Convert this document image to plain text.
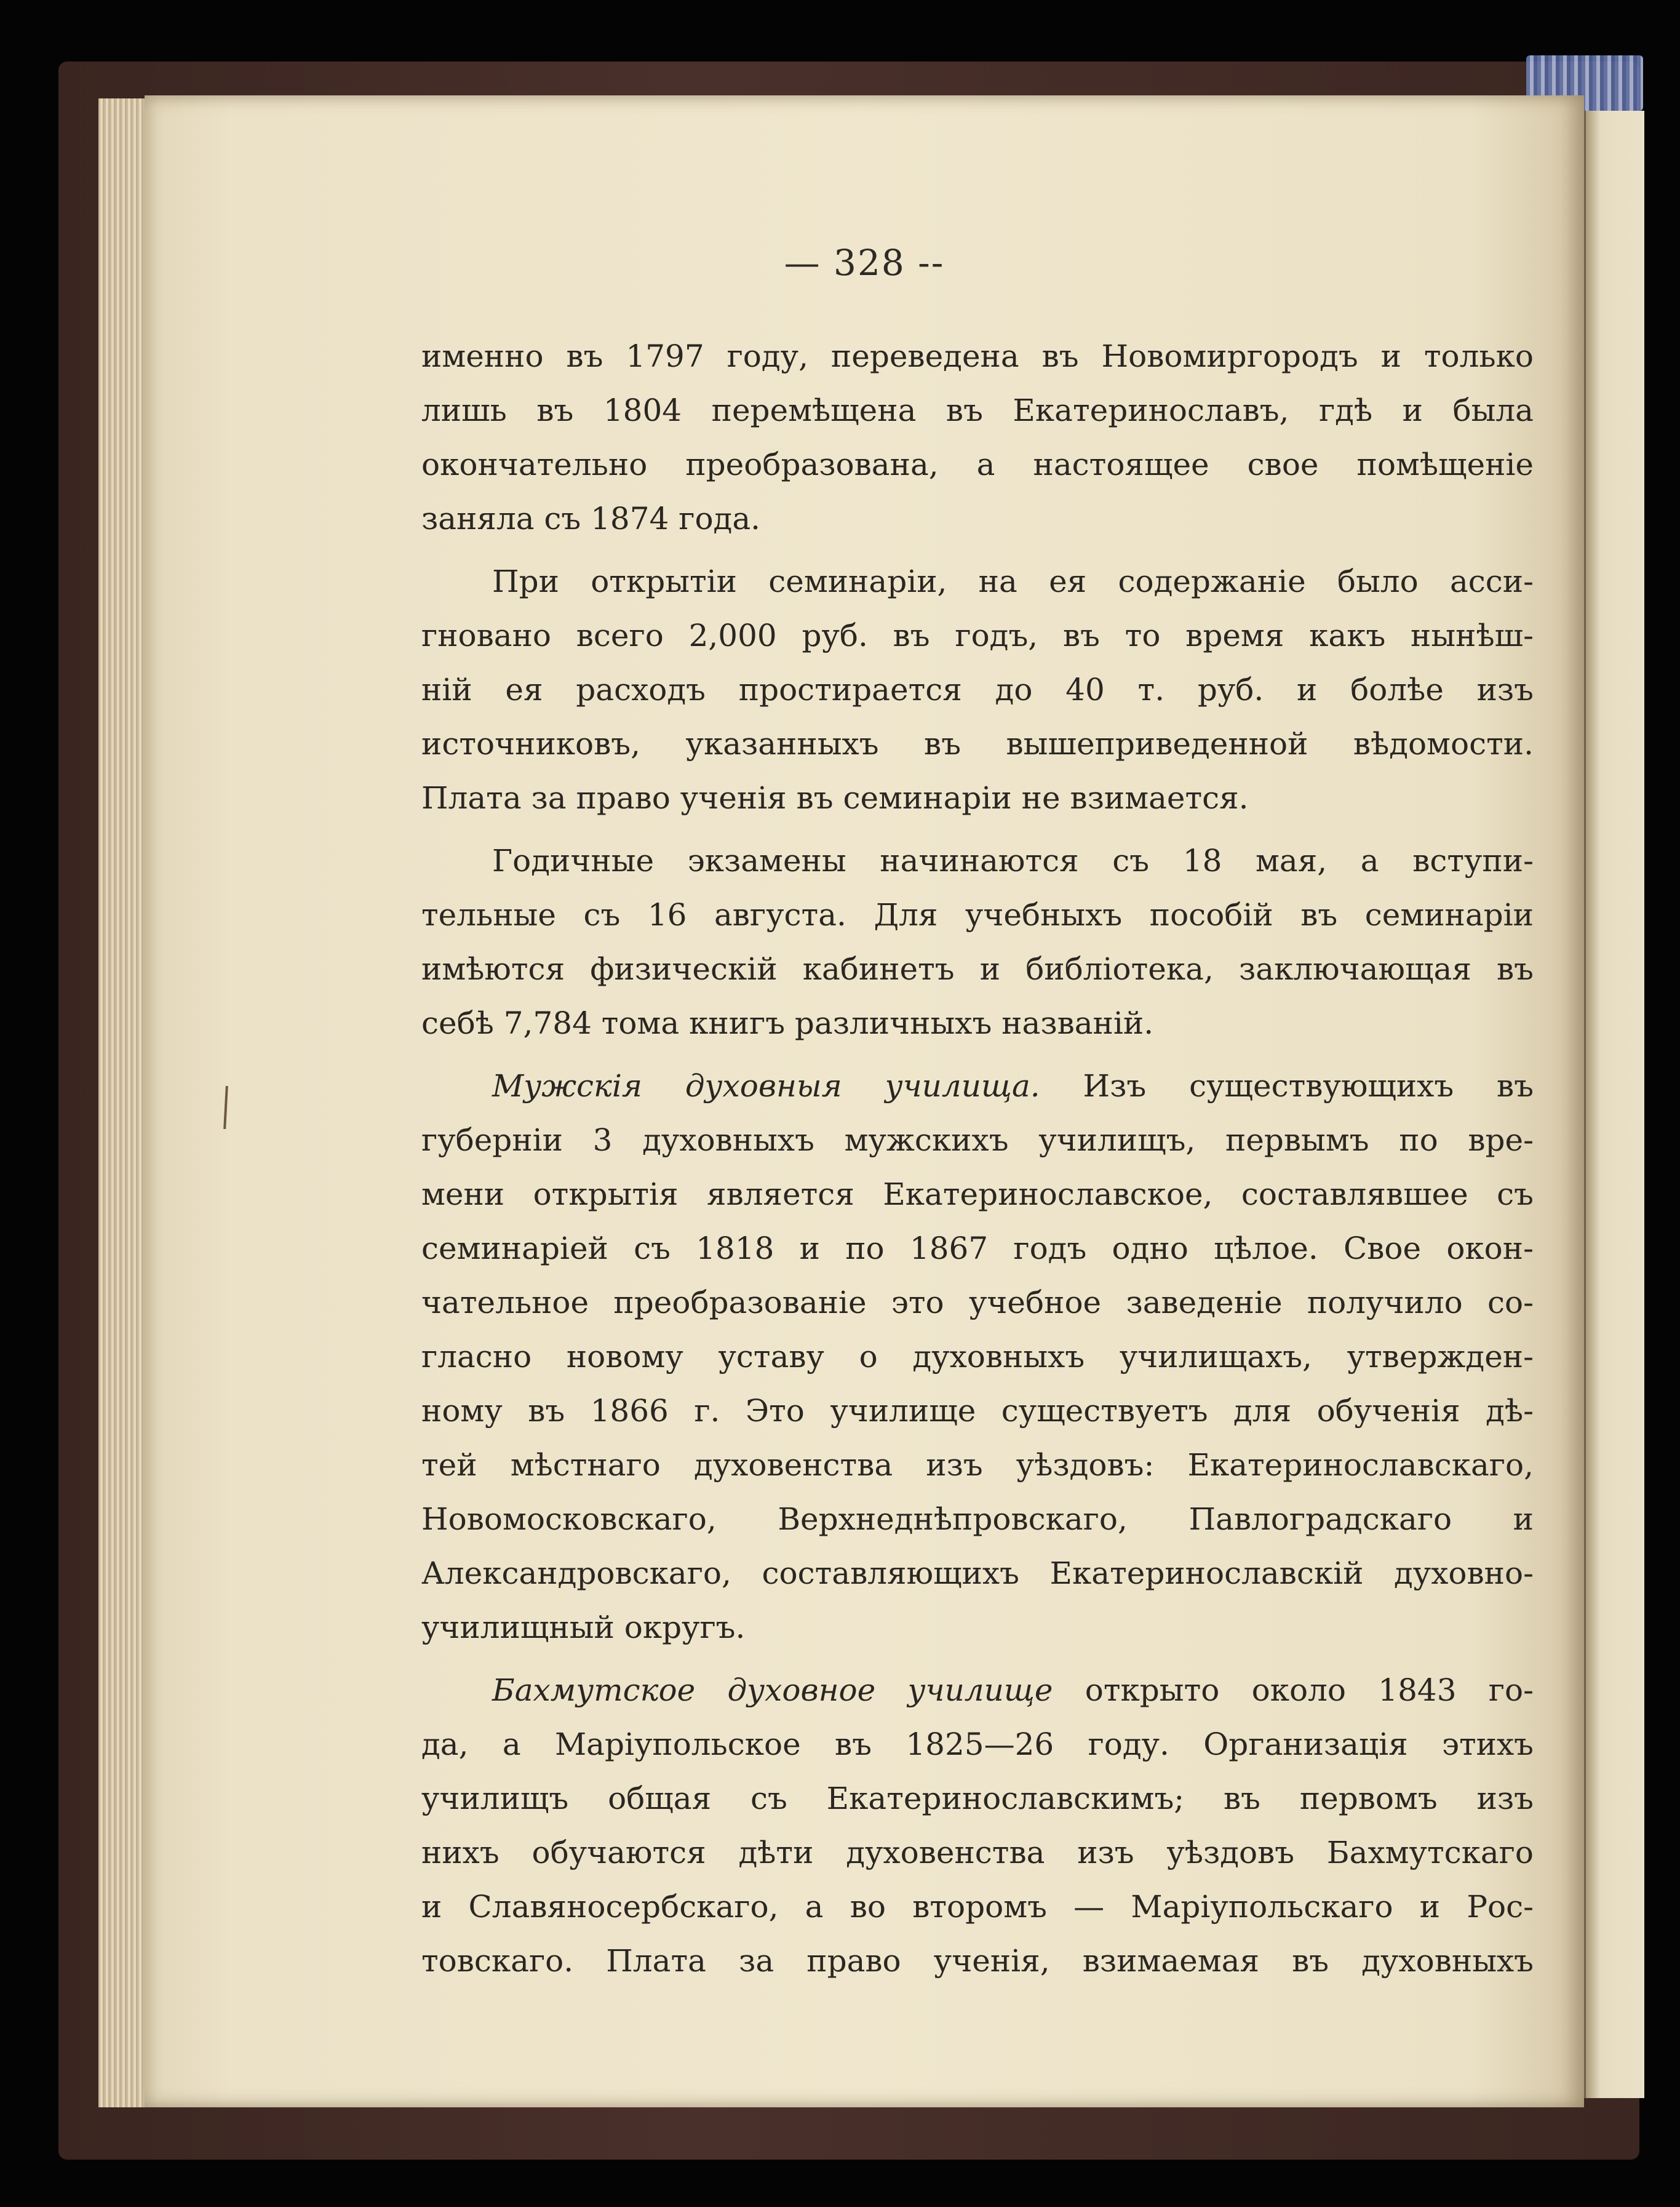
— 328 --
именно въ 1797 году, переведена въ Новомиргородъ и только
лишь въ 1804 перемѣщена въ Екатеринославъ, гдѣ и была
окончательно преобразована, а настоящее свое помѣщеніе
заняла съ 1874 года.
При открытіи семинаріи, на ея содержаніе было асси-
гновано всего 2,000 руб. въ годъ, въ то время какъ нынѣш-
ній ея расходъ простирается до 40 т. руб. и болѣе изъ
источниковъ, указанныхъ въ вышеприведенной вѣдомости.
Плата за право ученія въ семинаріи не взимается.
Годичные экзамены начинаются съ 18 мая, а вступи-
тельные съ 16 августа. Для учебныхъ пособій въ семинаріи
имѣются физическій кабинетъ и библіотека, заключающая въ
себѣ 7,784 тома книгъ различныхъ названій.
Мужскія духовныя училища. Изъ существующихъ въ
губерніи 3 духовныхъ мужскихъ училищъ, первымъ по вре-
мени открытія является Екатеринославское, составлявшее съ
семинаріей съ 1818 и по 1867 годъ одно цѣлое. Свое окон-
чательное преобразованіе это учебное заведеніе получило со-
гласно новому уставу о духовныхъ училищахъ, утвержден-
ному въ 1866 г. Это училище существуетъ для обученія дѣ-
тей мѣстнаго духовенства изъ уѣздовъ: Екатеринославскаго,
Новомосковскаго, Верхнеднѣпровскаго, Павлоградскаго и
Александровскаго, составляющихъ Екатеринославскій духовно-
училищный округъ.
Бахмутское духовное училище открыто около 1843 го-
да, а Маріупольское въ 1825—26 году. Организація этихъ
училищъ общая съ Екатеринославскимъ; въ первомъ изъ
нихъ обучаются дѣти духовенства изъ уѣздовъ Бахмутскаго
и Славяносербскаго, а во второмъ — Маріупольскаго и Рос-
товскаго. Плата за право ученія, взимаемая въ духовныхъ
